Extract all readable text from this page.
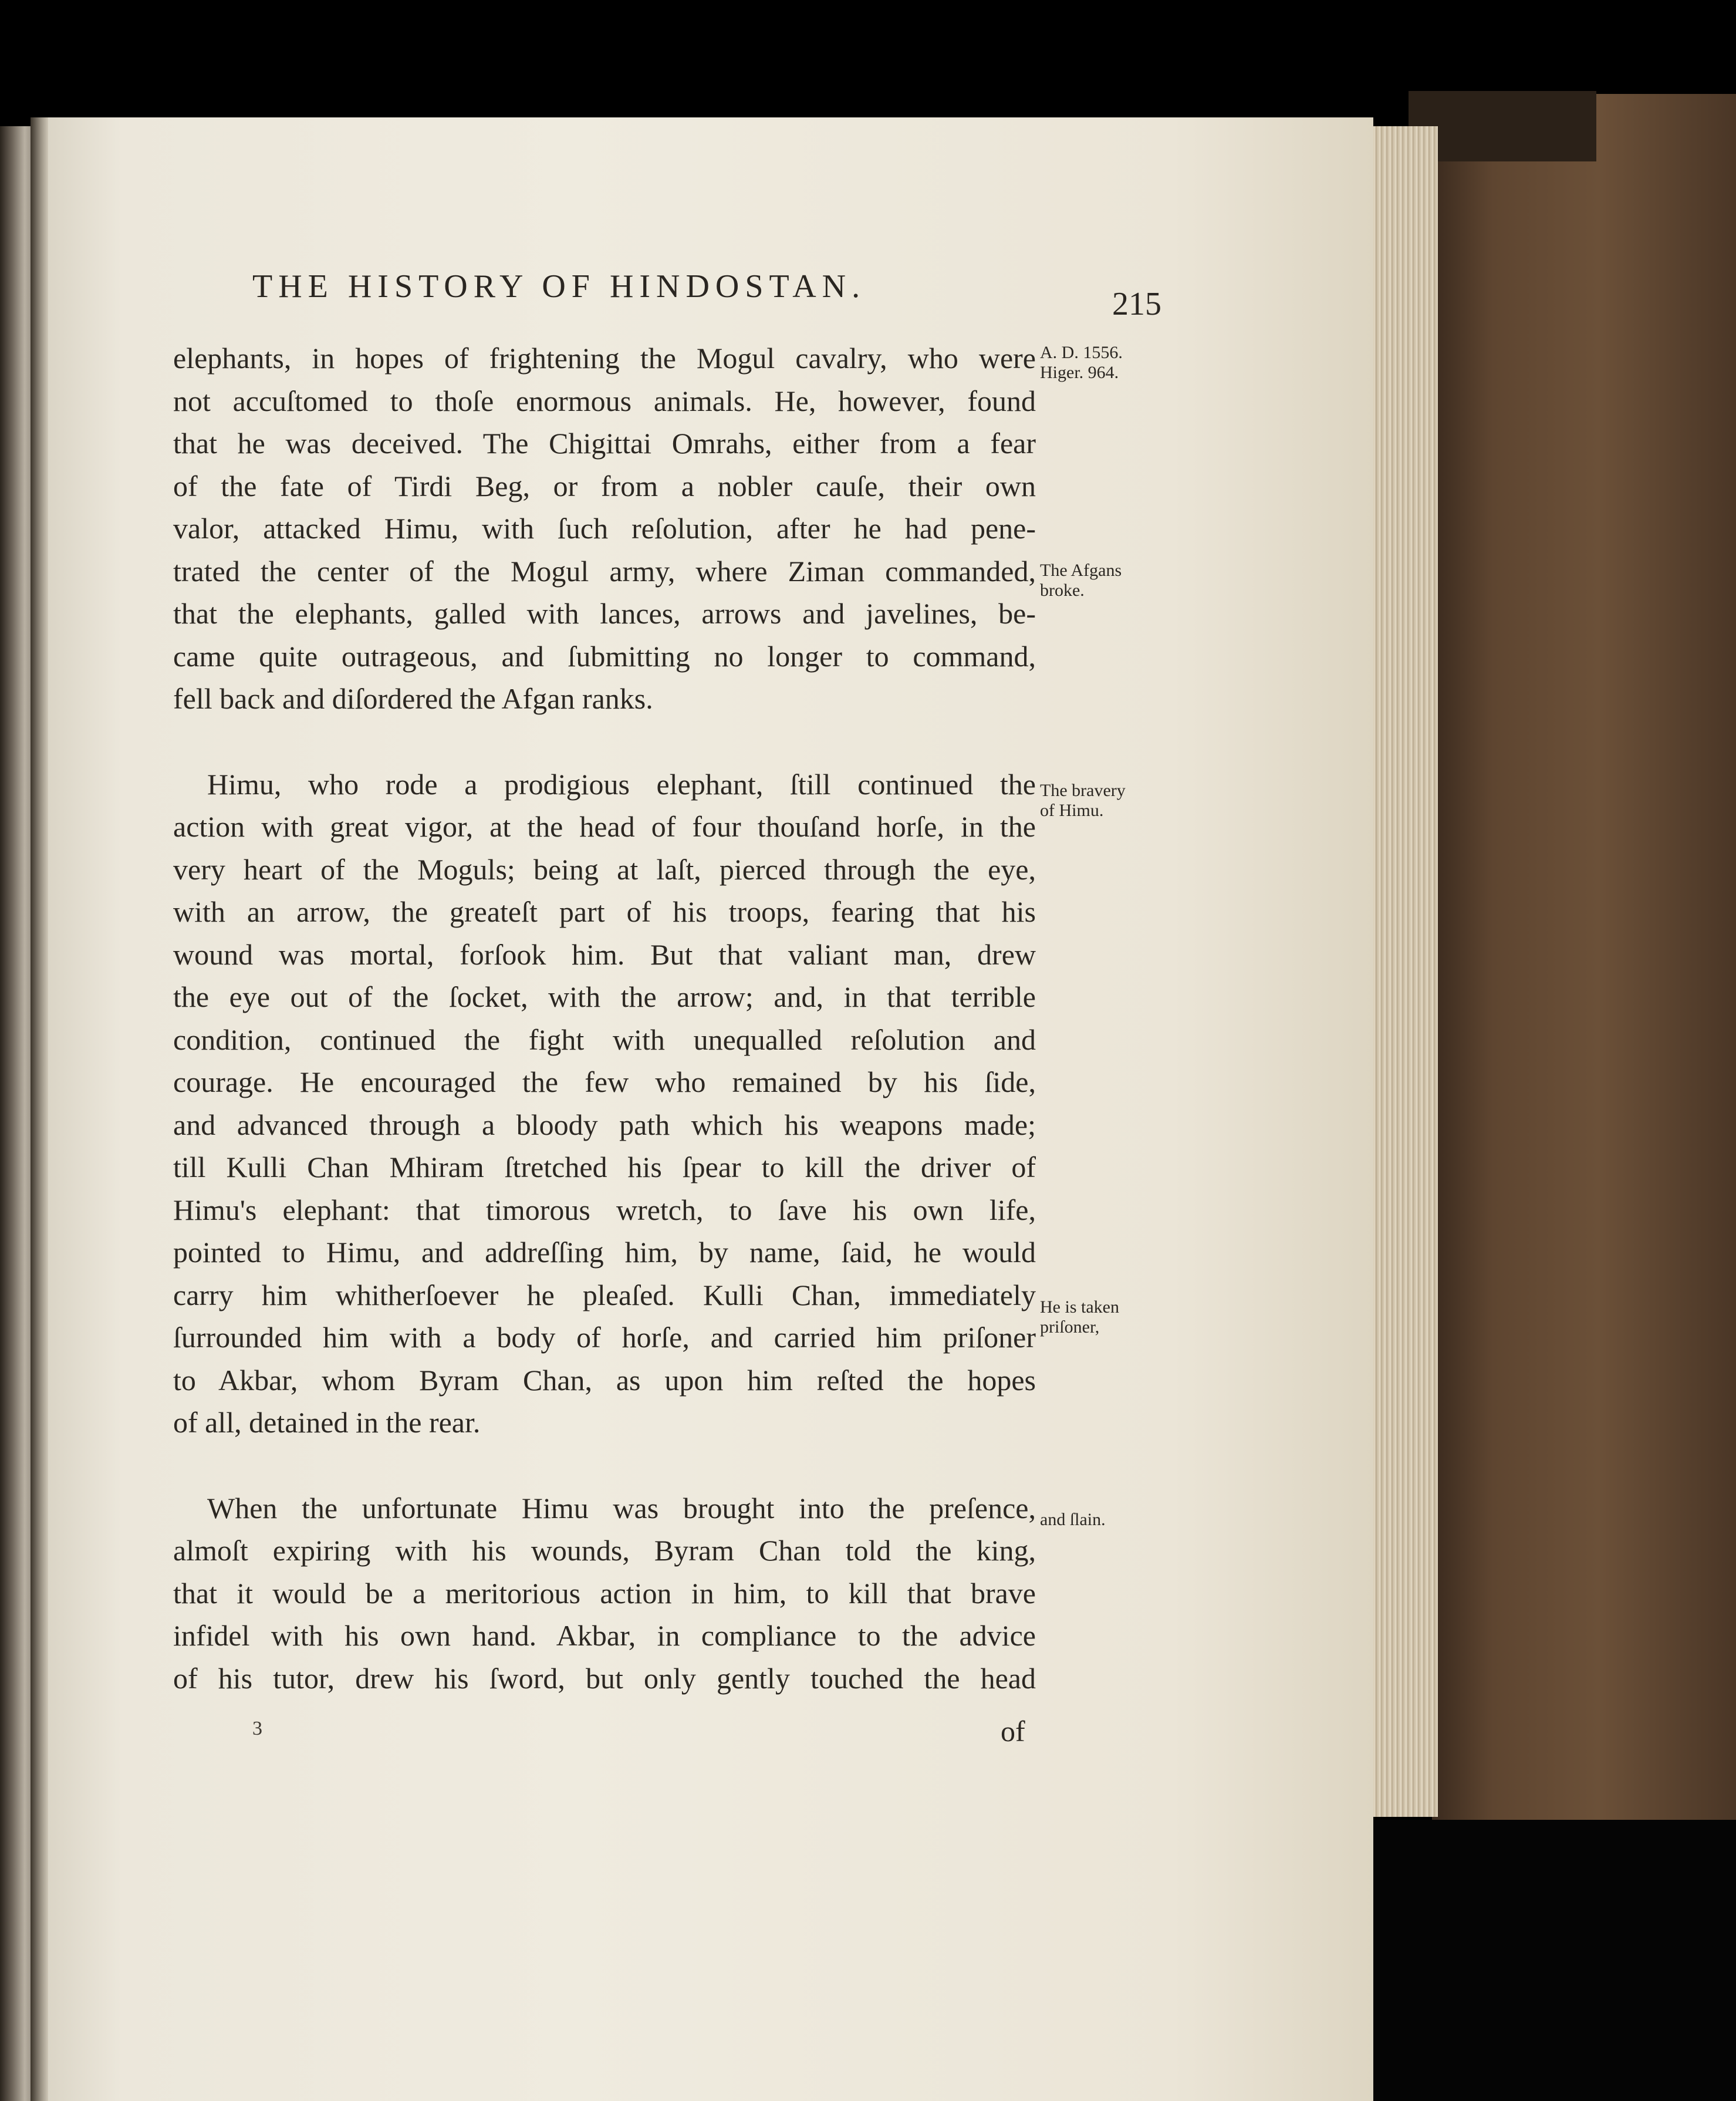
THE HISTORY OF HINDOSTAN.	215
elephants, in hopes of frightening the Mogul cavalry, who were
not accuſtomed to thoſe enormous animals. He, however, found
that he was deceived. The Chigittai Omrahs, either from a fear
of the fate of Tirdi Beg, or from a nobler cauſe, their own
valor, attacked Himu, with ſuch reſolution, after he had pene-
trated the center of the Mogul army, where Ziman commanded,
that the elephants, galled with lances, arrows and javelines, be-
came quite outrageous, and ſubmitting no longer to command,
fell back and diſordered the Afgan ranks.
Himu, who rode a prodigious elephant, ſtill continued the
action with great vigor, at the head of four thouſand horſe, in the
very heart of the Moguls; being at laſt, pierced through the eye,
with an arrow, the greateſt part of his troops, fearing that his
wound was mortal, forſook him. But that valiant man, drew
the eye out of the ſocket, with the arrow; and, in that terrible
condition, continued the fight with unequalled reſolution and
courage. He encouraged the few who remained by his ſide,
and advanced through a bloody path which his weapons made;
till Kulli Chan Mhiram ſtretched his ſpear to kill the driver of
Himu's elephant: that timorous wretch, to ſave his own life,
pointed to Himu, and addreſſing him, by name, ſaid, he would
carry him whitherſoever he pleaſed. Kulli Chan, immediately
ſurrounded him with a body of horſe, and carried him priſoner
to Akbar, whom Byram Chan, as upon him reſted the hopes
of all, detained in the rear.
When the unfortunate Himu was brought into the preſence,
almoſt expiring with his wounds, Byram Chan told the king,
that it would be a meritorious action in him, to kill that brave
infidel with his own hand. Akbar, in compliance to the advice
of his tutor, drew his ſword, but only gently touched the head
A. D. 1556.
Higer. 964.
The Afgans
broke.
The bravery
of Himu.
He is taken
priſoner,
and ſlain.
3	of
